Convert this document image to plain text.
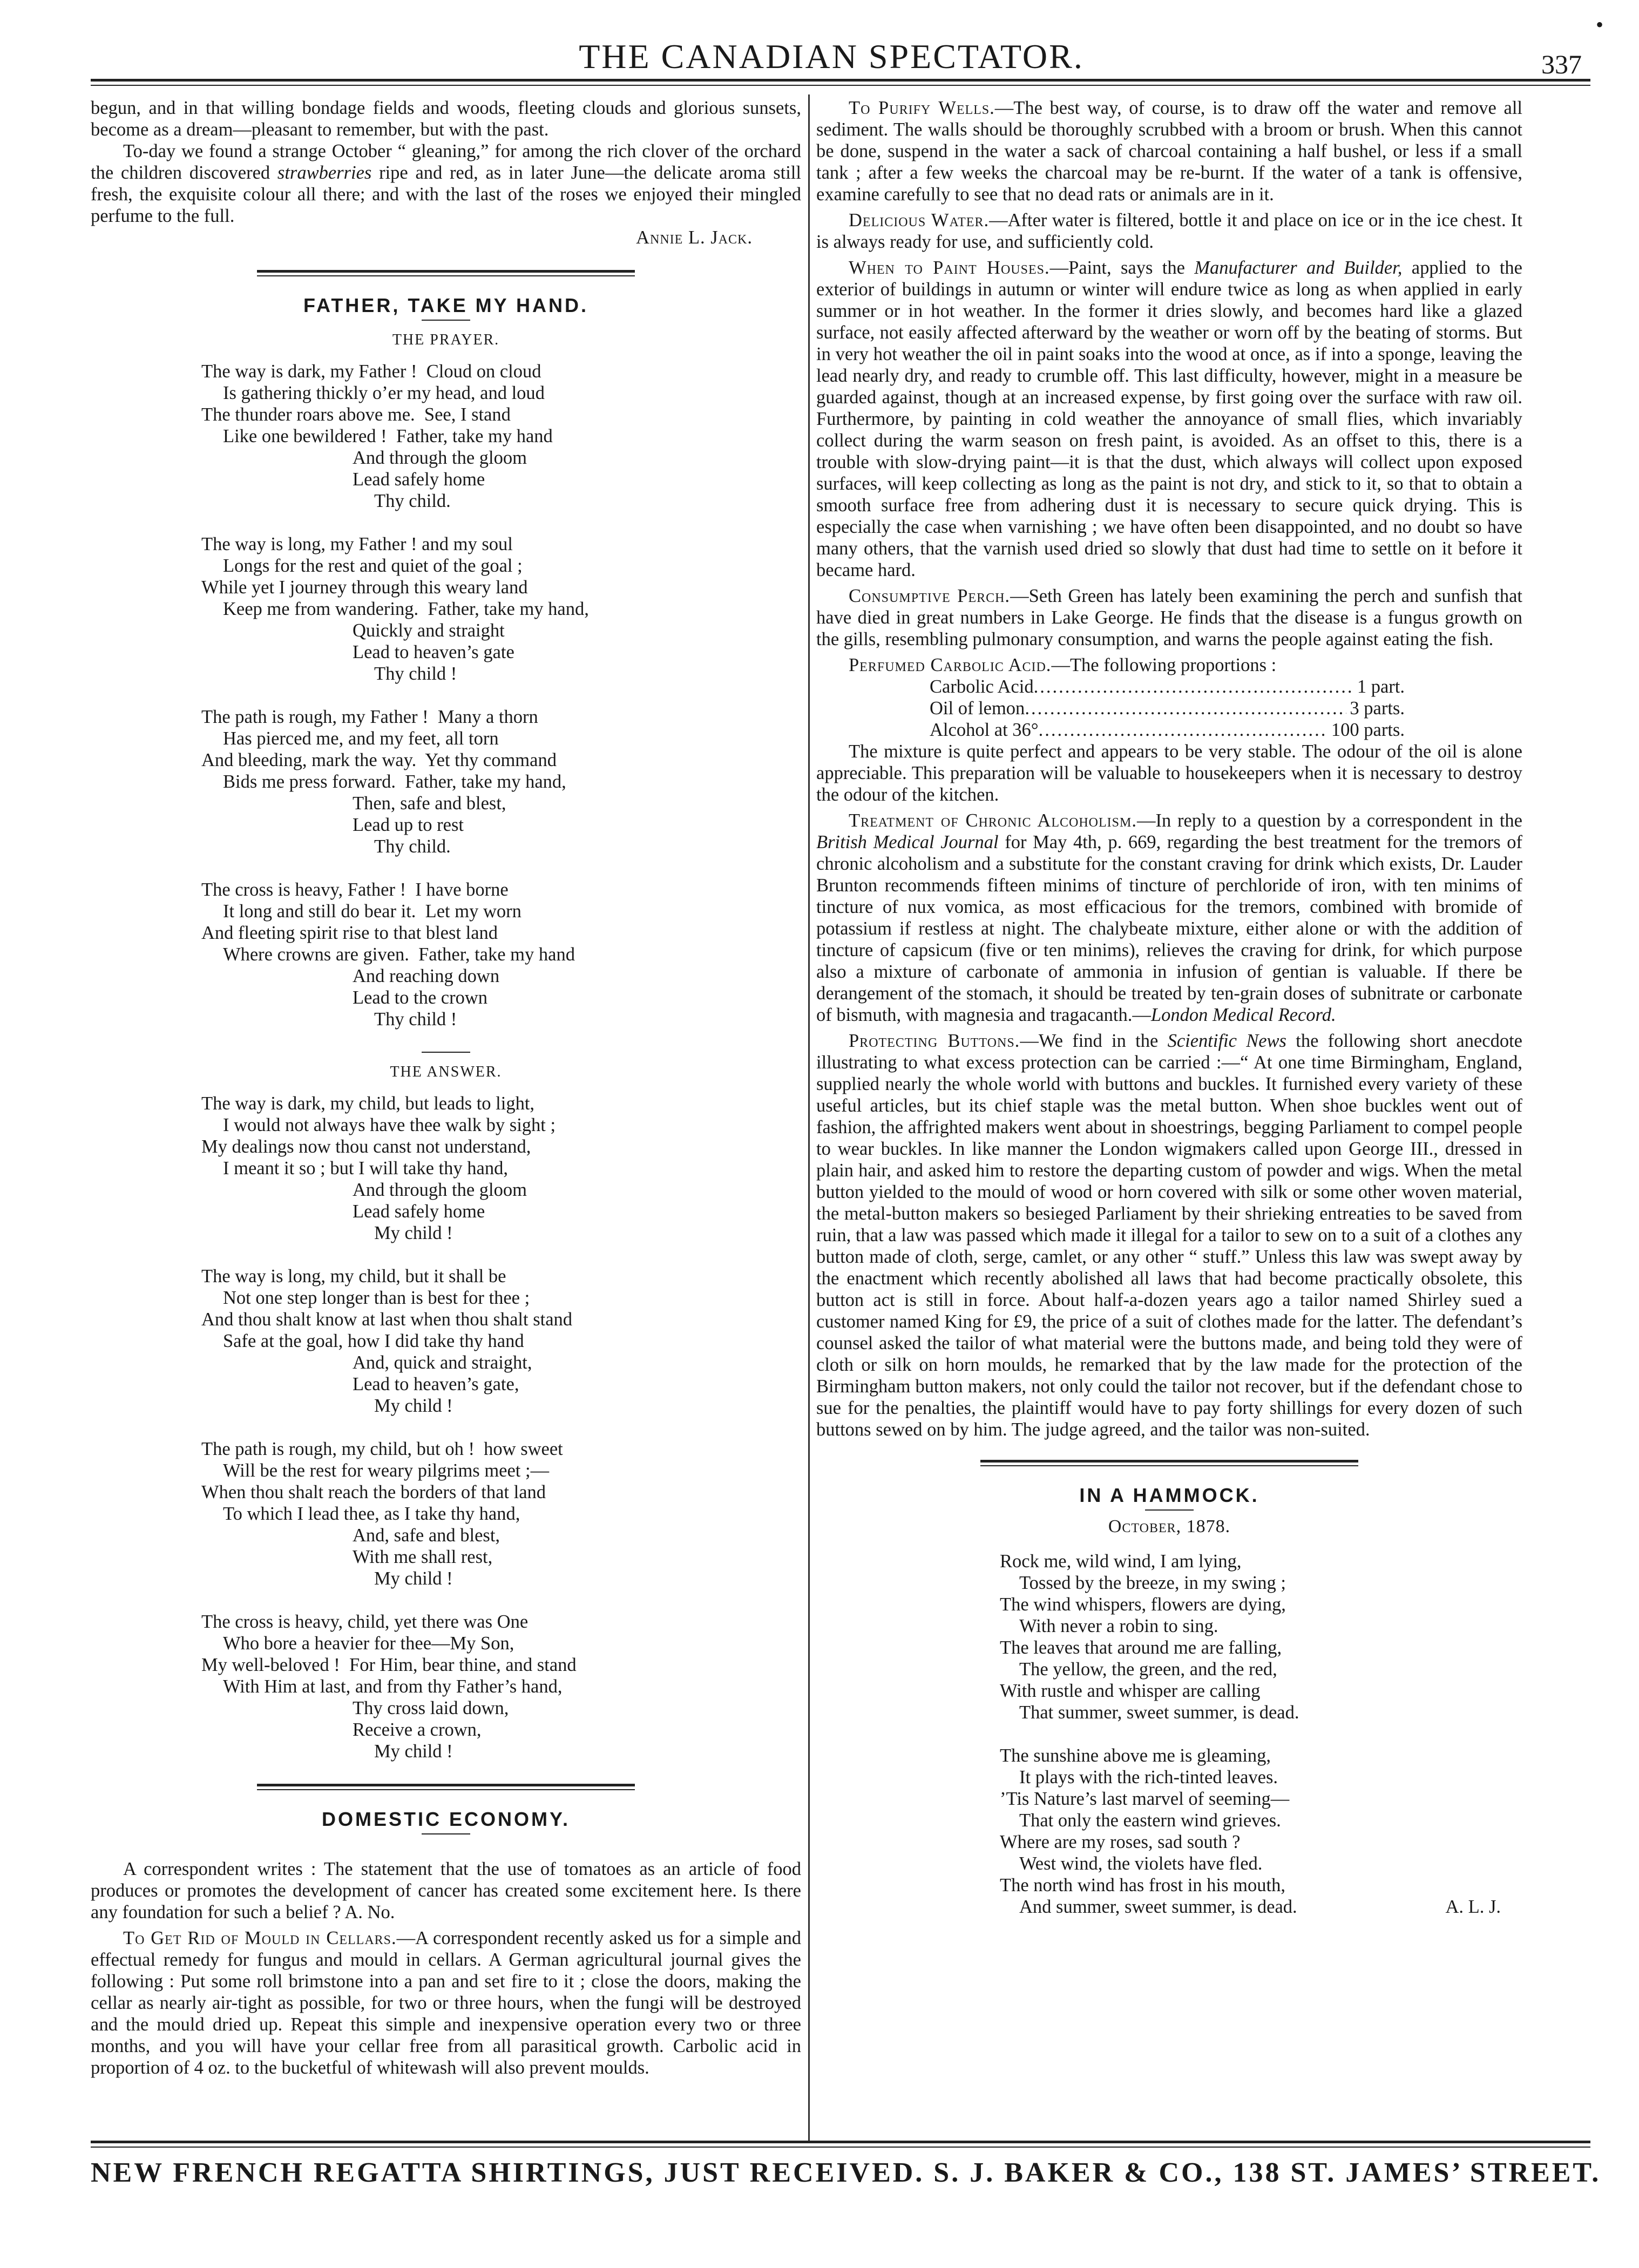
THE CANADIAN SPECTATOR.	337
•

begun, and in that willing bondage fields and woods, fleeting clouds and glorious sunsets, become as a dream—pleasant to remember, but with the past.

To-day we found a strange October “ gleaning,” for among the rich clover of the orchard the children discovered strawberries ripe and red, as in later June—the delicate aroma still fresh, the exquisite colour all there; and with the last of the roses we enjoyed their mingled perfume to the full.

Annie L. Jack.

FATHER, TAKE MY HAND.

THE PRAYER.

The way is dark, my Father !  Cloud on cloud
Is gathering thickly o’er my head, and loud
The thunder roars above me.  See, I stand
Like one bewildered !  Father, take my hand
And through the gloom
Lead safely home
Thy child.
The way is long, my Father ! and my soul
Longs for the rest and quiet of the goal ;
While yet I journey through this weary land
Keep me from wandering.  Father, take my hand,
Quickly and straight
Lead to heaven’s gate
Thy child !
The path is rough, my Father !  Many a thorn
Has pierced me, and my feet, all torn
And bleeding, mark the way.  Yet thy command
Bids me press forward.  Father, take my hand,
Then, safe and blest,
Lead up to rest
Thy child.
The cross is heavy, Father !  I have borne
It long and still do bear it.  Let my worn
And fleeting spirit rise to that blest land
Where crowns are given.  Father, take my hand
And reaching down
Lead to the crown
Thy child !

THE ANSWER.

The way is dark, my child, but leads to light,
I would not always have thee walk by sight ;
My dealings now thou canst not understand,
I meant it so ; but I will take thy hand,
And through the gloom
Lead safely home
My child !
The way is long, my child, but it shall be
Not one step longer than is best for thee ;
And thou shalt know at last when thou shalt stand
Safe at the goal, how I did take thy hand
And, quick and straight,
Lead to heaven’s gate,
My child !
The path is rough, my child, but oh !  how sweet
Will be the rest for weary pilgrims meet ;—
When thou shalt reach the borders of that land
To which I lead thee, as I take thy hand,
And, safe and blest,
With me shall rest,
My child !
The cross is heavy, child, yet there was One
Who bore a heavier for thee—My Son,
My well-beloved !  For Him, bear thine, and stand
With Him at last, and from thy Father’s hand,
Thy cross laid down,
Receive a crown,
My child !

DOMESTIC ECONOMY.

A correspondent writes : The statement that the use of tomatoes as an article of food produces or promotes the development of cancer has created some excitement here. Is there any foundation for such a belief ? A. No.

To Get Rid of Mould in Cellars.—A correspondent recently asked us for a simple and effectual remedy for fungus and mould in cellars. A German agricultural journal gives the following : Put some roll brimstone into a pan and set fire to it ; close the doors, making the cellar as nearly air-tight as possible, for two or three hours, when the fungi will be destroyed and the mould dried up. Repeat this simple and inexpensive operation every two or three months, and you will have your cellar free from all parasitical growth. Carbolic acid in proportion of 4 oz. to the bucketful of whitewash will also prevent moulds.

To Purify Wells.—The best way, of course, is to draw off the water and remove all sediment. The walls should be thoroughly scrubbed with a broom or brush. When this cannot be done, suspend in the water a sack of charcoal containing a half bushel, or less if a small tank ; after a few weeks the charcoal may be re-burnt. If the water of a tank is offensive, examine carefully to see that no dead rats or animals are in it.

Delicious Water.—After water is filtered, bottle it and place on ice or in the ice chest. It is always ready for use, and sufficiently cold.

When to Paint Houses.—Paint, says the Manufacturer and Builder, applied to the exterior of buildings in autumn or winter will endure twice as long as when applied in early summer or in hot weather. In the former it dries slowly, and becomes hard like a glazed surface, not easily affected afterward by the weather or worn off by the beating of storms. But in very hot weather the oil in paint soaks into the wood at once, as if into a sponge, leaving the lead nearly dry, and ready to crumble off. This last difficulty, however, might in a measure be guarded against, though at an increased expense, by first going over the surface with raw oil. Furthermore, by painting in cold weather the annoyance of small flies, which invariably collect during the warm season on fresh paint, is avoided. As an offset to this, there is a trouble with slow-drying paint—it is that the dust, which always will collect upon exposed surfaces, will keep collecting as long as the paint is not dry, and stick to it, so that to obtain a smooth surface free from adhering dust it is necessary to secure quick drying. This is especially the case when varnishing ; we have often been disappointed, and no doubt so have many others, that the varnish used dried so slowly that dust had time to settle on it before it became hard.

Consumptive Perch.—Seth Green has lately been examining the perch and sunfish that have died in great numbers in Lake George. He finds that the disease is a fungus growth on the gills, resembling pulmonary consumption, and warns the people against eating the fish.

Perfumed Carbolic Acid.—The following proportions :

Carbolic Acid .....	1 part.
Oil of lemon .....	3 parts.
Alcohol at 36° .....	100 parts.

The mixture is quite perfect and appears to be very stable. The odour of the oil is alone appreciable. This preparation will be valuable to housekeepers when it is necessary to destroy the odour of the kitchen.

Treatment of Chronic Alcoholism.—In reply to a question by a correspondent in the British Medical Journal for May 4th, p. 669, regarding the best treatment for the tremors of chronic alcoholism and a substitute for the constant craving for drink which exists, Dr. Lauder Brunton recommends fifteen minims of tincture of perchloride of iron, with ten minims of tincture of nux vomica, as most efficacious for the tremors, combined with bromide of potassium if restless at night. The chalybeate mixture, either alone or with the addition of tincture of capsicum (five or ten minims), relieves the craving for drink, for which purpose also a mixture of carbonate of ammonia in infusion of gentian is valuable. If there be derangement of the stomach, it should be treated by ten-grain doses of subnitrate or carbonate of bismuth, with magnesia and tragacanth.—London Medical Record.

Protecting Buttons.—We find in the Scientific News the following short anecdote illustrating to what excess protection can be carried :—“ At one time Birmingham, England, supplied nearly the whole world with buttons and buckles. It furnished every variety of these useful articles, but its chief staple was the metal button. When shoe buckles went out of fashion, the affrighted makers went about in shoestrings, begging Parliament to compel people to wear buckles. In like manner the London wigmakers called upon George III., dressed in plain hair, and asked him to restore the departing custom of powder and wigs. When the metal button yielded to the mould of wood or horn covered with silk or some other woven material, the metal-button makers so besieged Parliament by their shrieking entreaties to be saved from ruin, that a law was passed which made it illegal for a tailor to sew on to a suit of a clothes any button made of cloth, serge, camlet, or any other “ stuff.” Unless this law was swept away by the enactment which recently abolished all laws that had become practically obsolete, this button act is still in force. About half-a-dozen years ago a tailor named Shirley sued a customer named King for £9, the price of a suit of clothes made for the latter. The defendant’s counsel asked the tailor of what material were the buttons made, and being told they were of cloth or silk on horn moulds, he remarked that by the law made for the protection of the Birmingham button makers, not only could the tailor not recover, but if the defendant chose to sue for the penalties, the plaintiff would have to pay forty shillings for every dozen of such buttons sewed on by him. The judge agreed, and the tailor was non-suited.

IN A HAMMOCK.

October, 1878.

Rock me, wild wind, I am lying,
Tossed by the breeze, in my swing ;
The wind whispers, flowers are dying,
With never a robin to sing.
The leaves that around me are falling,
The yellow, the green, and the red,
With rustle and whisper are calling
That summer, sweet summer, is dead.
The sunshine above me is gleaming,
It plays with the rich-tinted leaves.
’Tis Nature’s last marvel of seeming—
That only the eastern wind grieves.
Where are my roses, sad south ?
West wind, the violets have fled.
The north wind has frost in his mouth,
A. L. J.
And summer, sweet summer, is dead.
NEW FRENCH REGATTA SHIRTINGS, JUST RECEIVED. S. J. BAKER & CO., 138 ST. JAMES’ STREET.
